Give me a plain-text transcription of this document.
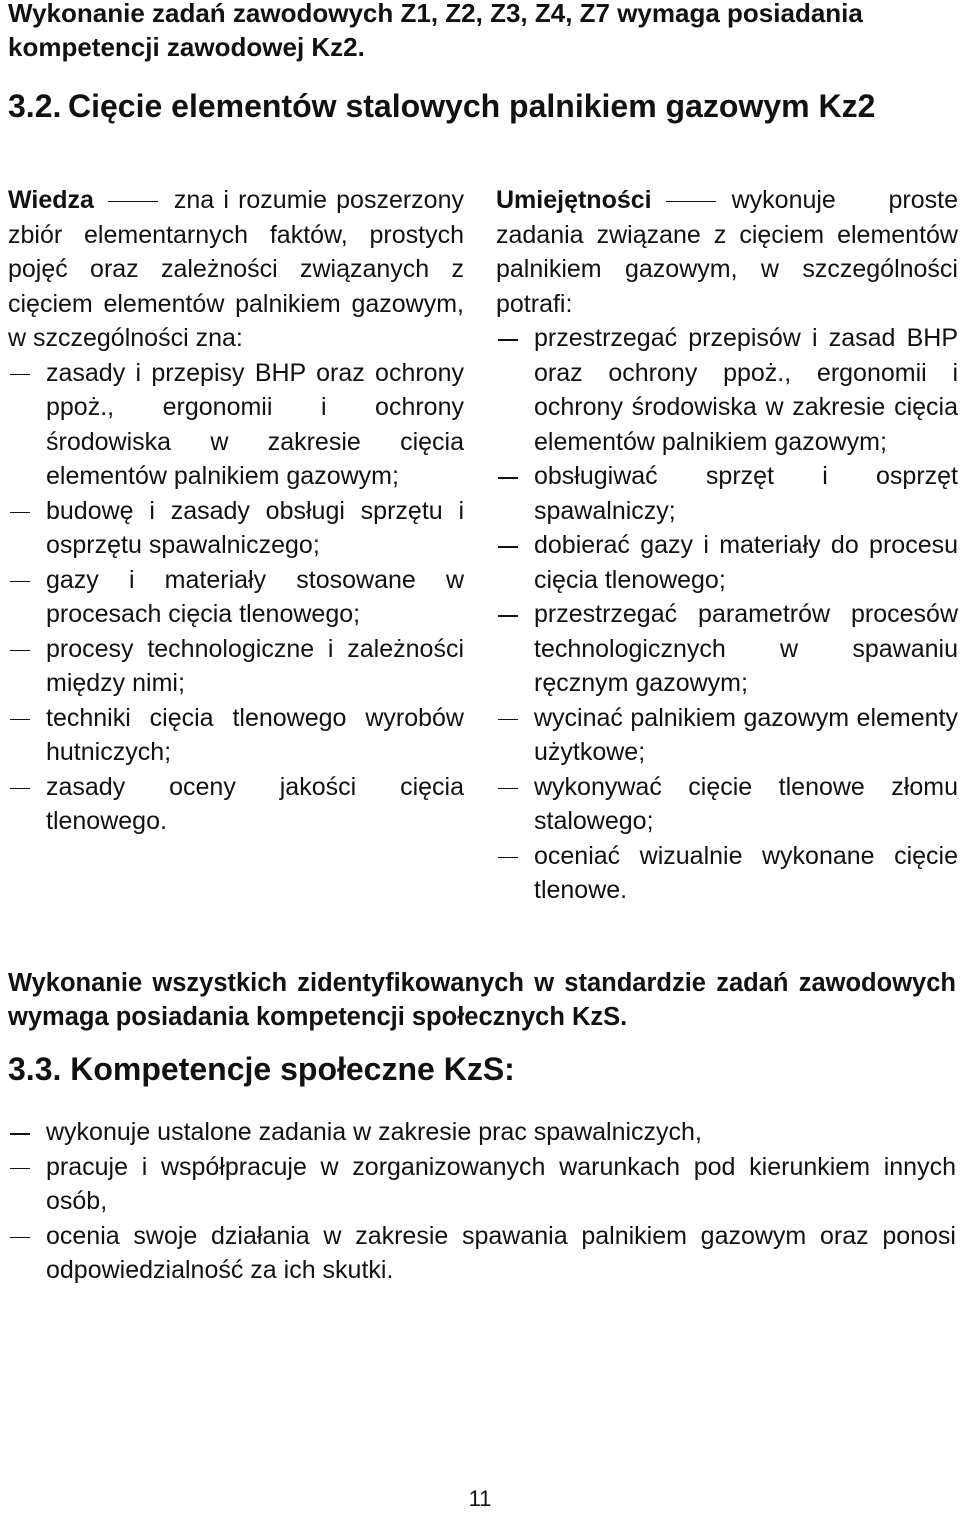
Wykonanie zadań zawodowych Z1, Z2, Z3, Z4, Z7 wymaga posiadania kompetencji zawodowej Kz2.

3.2. Cięcie elementów stalowych palnikiem gazowym Kz2

Wiedza	zna i rozumie poszerzony zbiór elementarnych faktów, prostych pojęć oraz zależności związanych z cięciem elementów palnikiem gazowym, w szczególności zna:

zasady i przepisy BHP oraz ochrony ppoż., ergonomii i ochrony środowiska w zakresie cięcia elementów palnikiem gazowym;
budowę i zasady obsługi sprzętu i osprzętu spawalniczego;
gazy i materiały stosowane w procesach cięcia tlenowego;
procesy technologiczne i zależności między nimi;
techniki cięcia tlenowego wyrobów hutniczych;
zasady oceny jakości cięcia tlenowego.

Umiejętności	wykonuje proste zadania związane z cięciem elementów palnikiem gazowym, w szczególności potrafi:

przestrzegać przepisów i zasad BHP oraz ochrony ppoż., ergonomii i ochrony środowiska w zakresie cięcia elementów palnikiem gazowym;
obsługiwać sprzęt i osprzęt spawalniczy;
dobierać gazy i materiały do procesu cięcia tlenowego;
przestrzegać parametrów procesów technologicznych w spawaniu ręcznym gazowym;
wycinać palnikiem gazowym elementy użytkowe;
wykonywać cięcie tlenowe złomu stalowego;
oceniać wizualnie wykonane cięcie tlenowe.

Wykonanie wszystkich zidentyfikowanych w standardzie zadań zawodowych wymaga posiadania kompetencji społecznych KzS.

3.3. Kompetencje społeczne KzS:
wykonuje ustalone zadania w zakresie prac spawalniczych,
pracuje i współpracuje w zorganizowanych warunkach pod kierunkiem innych osób,
ocenia swoje działania w zakresie spawania palnikiem gazowym oraz ponosi odpowiedzialność za ich skutki.
11
